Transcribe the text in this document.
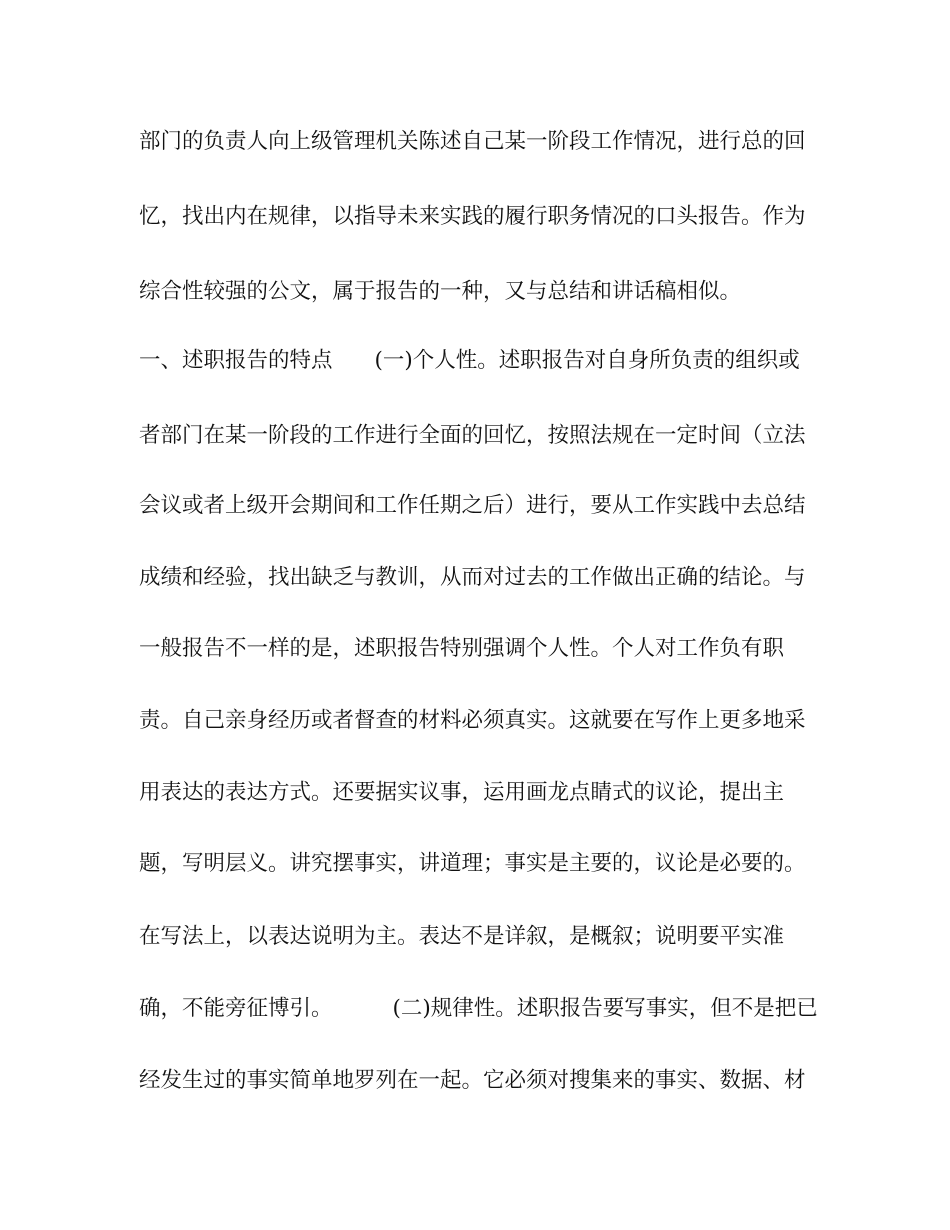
部门的负责人向上级管理机关陈述自己某一阶段工作情况，进行总的回
忆，找出内在规律，以指导未来实践的履行职务情况的口头报告。作为
综合性较强的公文，属于报告的一种，又与总结和讲话稿相似。
一、述职报告的特点 (一)个人性。述职报告对自身所负责的组织或
者部门在某一阶段的工作进行全面的回忆，按照法规在一定时间（立法
会议或者上级开会期间和工作任期之后）进行，要从工作实践中去总结
成绩和经验，找出缺乏与教训，从而对过去的工作做出正确的结论。与
一般报告不一样的是，述职报告特别强调个人性。个人对工作负有职
责。自己亲身经历或者督查的材料必须真实。这就要在写作上更多地采
用表达的表达方式。还要据实议事，运用画龙点睛式的议论，提出主
题，写明层义。讲究摆事实，讲道理；事实是主要的，议论是必要的。
在写法上，以表达说明为主。表达不是详叙，是概叙；说明要平实准
确，不能旁征博引。	(二)规律性。述职报告要写事实，但不是把已
经发生过的事实简单地罗列在一起。它必须对搜集来的事实、数据、材
